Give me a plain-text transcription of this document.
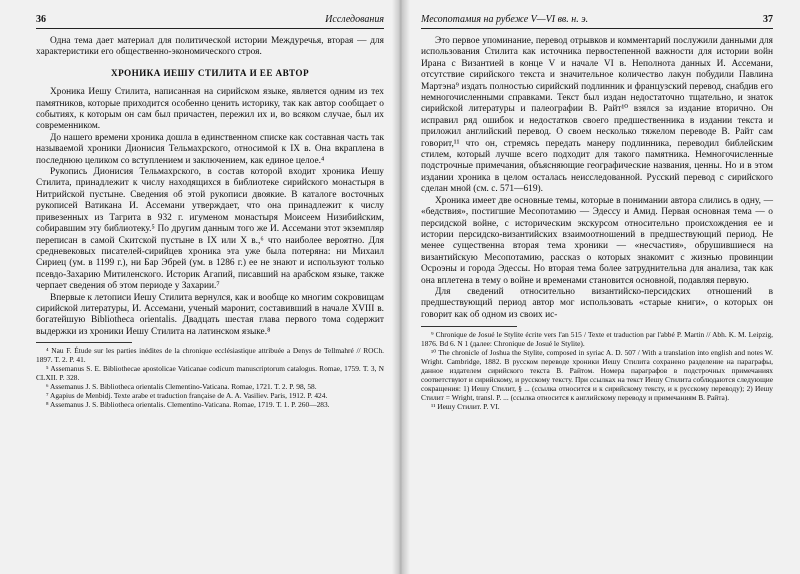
36	Исследования

Одна тема дает материал для политической истории Междуречья, вторая — для характеристики его общественно-экономического строя.

ХРОНИКА ИЕШУ СТИЛИТА И ЕЕ АВТОР

Хроника Иешу Стилита, написанная на сирийском языке, является одним из тех памятников, которые приходится особенно ценить историку, так как автор сообщает о событиях, к которым он сам был причастен, пережил их и, во всяком случае, был их современником.

До нашего времени хроника дошла в единственном списке как составная часть так называемой хроники Дионисия Тельмахрского, относимой к IX в. Она вкраплена в последнюю целиком со вступлением и заключением, как единое целое.⁴

Рукопись Дионисия Тельмахрского, в состав которой входит хроника Иешу Стилита, принадлежит к числу находящихся в библиотеке сирийского монастыря в Нитрийской пустыне. Сведения об этой рукописи двоякие. В каталоге восточных рукописей Ватикана И. Ассемани утверждает, что она принадлежит к числу привезенных из Тагрита в 932 г. игуменом монастыря Моисеем Низибийским, собиравшим эту библиотеку.⁵ По другим данным того же И. Ассемани этот экземпляр переписан в самой Скитской пустыне в IX или X в.,⁶ что наиболее вероятно. Для средневековых писателей-сирийцев хроника эта уже была потеряна: ни Михаил Сириец (ум. в 1199 г.), ни Бар Эбрей (ум. в 1286 г.) ее не знают и используют только псевдо-Захарию Митиленского. Историк Агапий, писавший на арабском языке, также черпает сведения об этом периоде у Захарии.⁷

Впервые к летописи Иешу Стилита вернулся, как и вообще ко многим сокровищам сирийской литературы, И. Ассемани, ученый маронит, составивший в начале XVIII в. богатейшую Bibliotheca orientalis. Двадцать шестая глава первого тома содержит выдержки из хроники Иешу Стилита на латинском языке.⁸

⁴ Nau F. Étude sur les parties inédites de la chronique ecclésiastique attribuée a Denys de Tellmahré // ROCh. 1897. T. 2. P. 41.

⁵ Assemanus S. E. Bibliothecae apostolicae Vaticanae codicum manuscriptorum catalogus. Romae, 1759. T. 3, N CLXII. P. 328.

⁶ Assemanus J. S. Bibliotheca orientalis Clementino-Vaticana. Romae, 1721. T. 2. P. 98, 58.

⁷ Agapius de Menbidj. Texte arabe et traduction française de A. A. Vasiliev. Paris, 1912. P. 424.

⁸ Assemanus J. S. Bibliotheca orientalis. Clementino-Vaticana. Romae, 1719. T. 1. P. 260—283.

Месопотамия на рубеже V—VI вв. н. э.	37

Это первое упоминание, перевод отрывков и комментарий послужили данными для использования Стилита как источника первостепенной важности для истории войн Ирана с Византией в конце V и начале VI в. Неполнота данных И. Ассемани, отсутствие сирийского текста и значительное количество лакун побудили Павлина Мартэна⁹ издать полностью сирийский подлинник и французский перевод, снабдив его немногочисленными справками. Текст был издан недостаточно тщательно, и знаток сирийской литературы и палеографии В. Райт¹⁰ взялся за издание вторично. Он исправил ряд ошибок и недостатков своего предшественника в издании текста и приложил английский перевод. О своем несколько тяжелом переводе В. Райт сам говорит,¹¹ что он, стремясь передать манеру подлинника, переводил библейским стилем, который лучше всего подходит для такого памятника. Немногочисленные подстрочные примечания, объясняющие географические названия, ценны. Но и в этом издании хроника в целом осталась неисследованной. Русский перевод с сирийского сделан мной (см. с. 571—619).

Хроника имеет две основные темы, которые в понимании автора слились в одну, — «бедствия», постигшие Месопотамию — Эдессу и Амид. Первая основная тема — о персидской войне, с историческим экскурсом относительно происхождения ее и истории персидско-византийских взаимоотношений в предшествующий период. Не менее существенна вторая тема хроники — «несчастия», обрушившиеся на византийскую Месопотамию, рассказ о которых знакомит с жизнью провинции Осроэны и города Эдессы. Но вторая тема более затруднительна для анализа, так как она вплетена в тему о войне и временами становится основной, подавляя первую.

Для сведений относительно византийско-персидских отношений в предшествующий период автор мог использовать «старые книги», о которых он говорит как об одном из своих ис-

⁹ Chronique de Josué le Stylite écrite vers l'an 515 / Texte et traduction par l'abbé P. Martin // Abh. K. M. Leipzig, 1876. Bd 6. N 1 (далее: Chronique de Josué le Stylite).

¹⁰ The chronicle of Joshua the Stylite, composed in syriac A. D. 507 / With a translation into english and notes W. Wright. Cambridge, 1882. В русском переводе хроники Иешу Стилита сохранено разделение на параграфы, данное издателем сирийского текста В. Райтом. Номера параграфов в подстрочных примечаниях соответствуют и сирийскому, и русскому тексту. При ссылках на текст Иешу Стилита соблюдаются следующие сокращения: 1) Иешу Стилит, § ... (ссылка относится и к сирийскому тексту, и к русскому переводу); 2) Иешу Стилит = Wright, transl. P. ... (ссылка относится к английскому переводу и примечаниям В. Райта).

¹¹ Иешу Стилит. P. VI.
